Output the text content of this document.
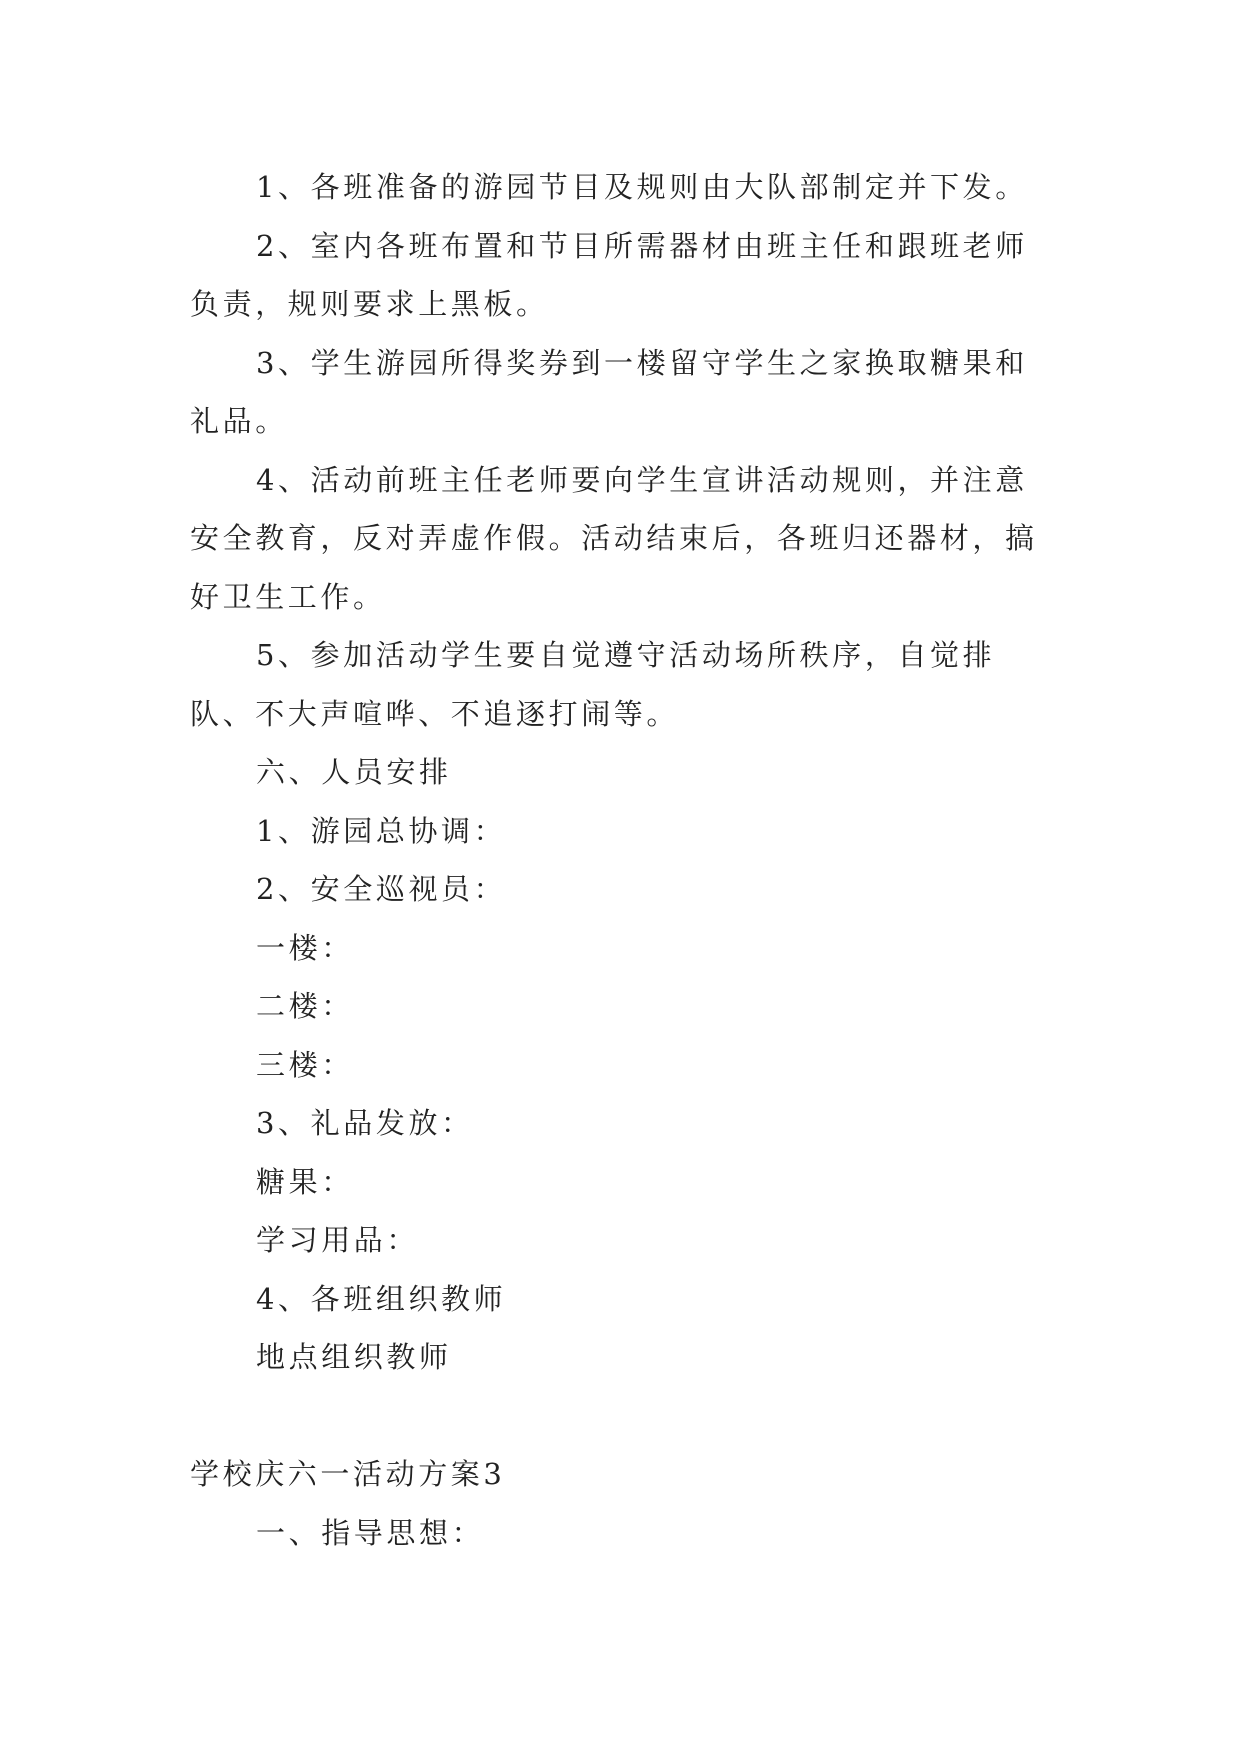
1、各班准备的游园节目及规则由大队部制定并下发。

2、室内各班布置和节目所需器材由班主任和跟班老师负责，规则要求上黑板。

3、学生游园所得奖券到一楼留守学生之家换取糖果和礼品。

4、活动前班主任老师要向学生宣讲活动规则，并注意安全教育，反对弄虚作假。活动结束后，各班归还器材，搞好卫生工作。

5、参加活动学生要自觉遵守活动场所秩序，自觉排队、不大声喧哗、不追逐打闹等。

六、人员安排

1、游园总协调：

2、安全巡视员：

一楼：

二楼：

三楼：

3、礼品发放：

糖果：

学习用品：

4、各班组织教师

地点组织教师

学校庆六一活动方案3

一、指导思想：
